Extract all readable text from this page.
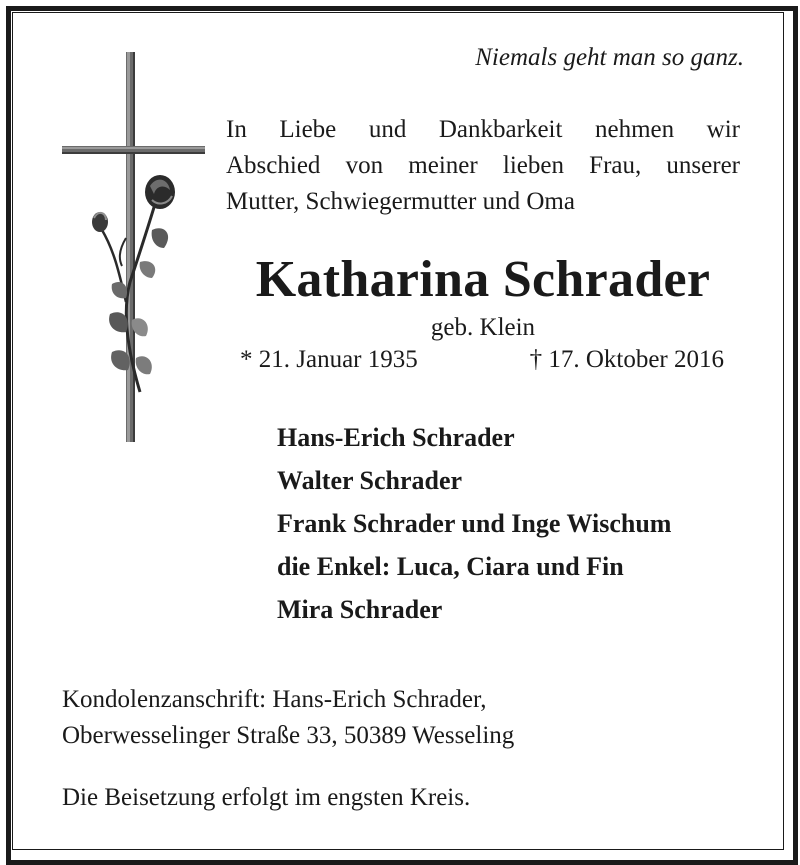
Niemals geht man so ganz.
In Liebe und Dankbarkeit nehmen wir
Abschied von meiner lieben Frau, unserer
Mutter, Schwiegermutter und Oma
Katharina Schrader
geb. Klein
* 21. Januar 1935	† 17. Oktober 2016
Hans-Erich Schrader
Walter Schrader
Frank Schrader und Inge Wischum
die Enkel: Luca, Ciara und Fin
Mira Schrader
Kondolenzanschrift: Hans-Erich Schrader,
Oberwesselinger Straße 33, 50389 Wesseling
Die Beisetzung erfolgt im engsten Kreis.
